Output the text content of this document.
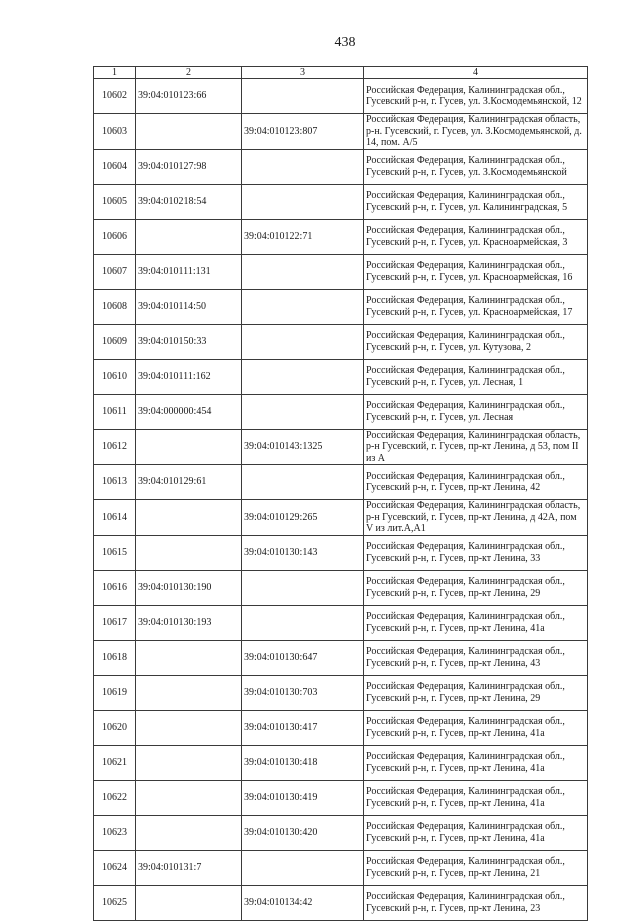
438
1	2	3	4
10602	39:04:010123:66		Российская Федерация, Калининградская обл., Гусевский р-н, г. Гусев, ул. З.Космодемьянской, 12
10603		39:04:010123:807	Российская Федерация, Калининградская область, р-н. Гусевский, г. Гусев, ул. З.Космодемьянской, д. 14, пом. А/5
10604	39:04:010127:98		Российская Федерация, Калининградская обл., Гусевский р-н, г. Гусев, ул. З.Космодемьянской
10605	39:04:010218:54		Российская Федерация, Калининградская обл., Гусевский р-н, г. Гусев, ул. Калининградская, 5
10606		39:04:010122:71	Российская Федерация, Калининградская обл., Гусевский р-н, г. Гусев, ул. Красноармейская, 3
10607	39:04:010111:131		Российская Федерация, Калининградская обл., Гусевский р-н, г. Гусев, ул. Красноармейская, 16
10608	39:04:010114:50		Российская Федерация, Калининградская обл., Гусевский р-н, г. Гусев, ул. Красноармейская, 17
10609	39:04:010150:33		Российская Федерация, Калининградская обл., Гусевский р-н, г. Гусев, ул. Кутузова, 2
10610	39:04:010111:162		Российская Федерация, Калининградская обл., Гусевский р-н, г. Гусев, ул. Лесная, 1
10611	39:04:000000:454		Российская Федерация, Калининградская обл., Гусевский р-н, г. Гусев, ул. Лесная
10612		39:04:010143:1325	Российская Федерация, Калининградская область, р-н Гусевский, г. Гусев, пр-кт Ленина, д 53, пом II из А
10613	39:04:010129:61		Российская Федерация, Калининградская обл., Гусевский р-н, г. Гусев, пр-кт Ленина, 42
10614		39:04:010129:265	Российская Федерация, Калининградская область, р-н Гусевский, г. Гусев, пр-кт Ленина, д 42А, пом V из лит.А,А1
10615		39:04:010130:143	Российская Федерация, Калининградская обл., Гусевский р-н, г. Гусев, пр-кт Ленина, 33
10616	39:04:010130:190		Российская Федерация, Калининградская обл., Гусевский р-н, г. Гусев, пр-кт Ленина, 29
10617	39:04:010130:193		Российская Федерация, Калининградская обл., Гусевский р-н, г. Гусев, пр-кт Ленина, 41а
10618		39:04:010130:647	Российская Федерация, Калининградская обл., Гусевский р-н, г. Гусев, пр-кт Ленина, 43
10619		39:04:010130:703	Российская Федерация, Калининградская обл., Гусевский р-н, г. Гусев, пр-кт Ленина, 29
10620		39:04:010130:417	Российская Федерация, Калининградская обл., Гусевский р-н, г. Гусев, пр-кт Ленина, 41а
10621		39:04:010130:418	Российская Федерация, Калининградская обл., Гусевский р-н, г. Гусев, пр-кт Ленина, 41а
10622		39:04:010130:419	Российская Федерация, Калининградская обл., Гусевский р-н, г. Гусев, пр-кт Ленина, 41а
10623		39:04:010130:420	Российская Федерация, Калининградская обл., Гусевский р-н, г. Гусев, пр-кт Ленина, 41а
10624	39:04:010131:7		Российская Федерация, Калининградская обл., Гусевский р-н, г. Гусев, пр-кт Ленина, 21
10625		39:04:010134:42	Российская Федерация, Калининградская обл., Гусевский р-н, г. Гусев, пр-кт Ленина, 23
